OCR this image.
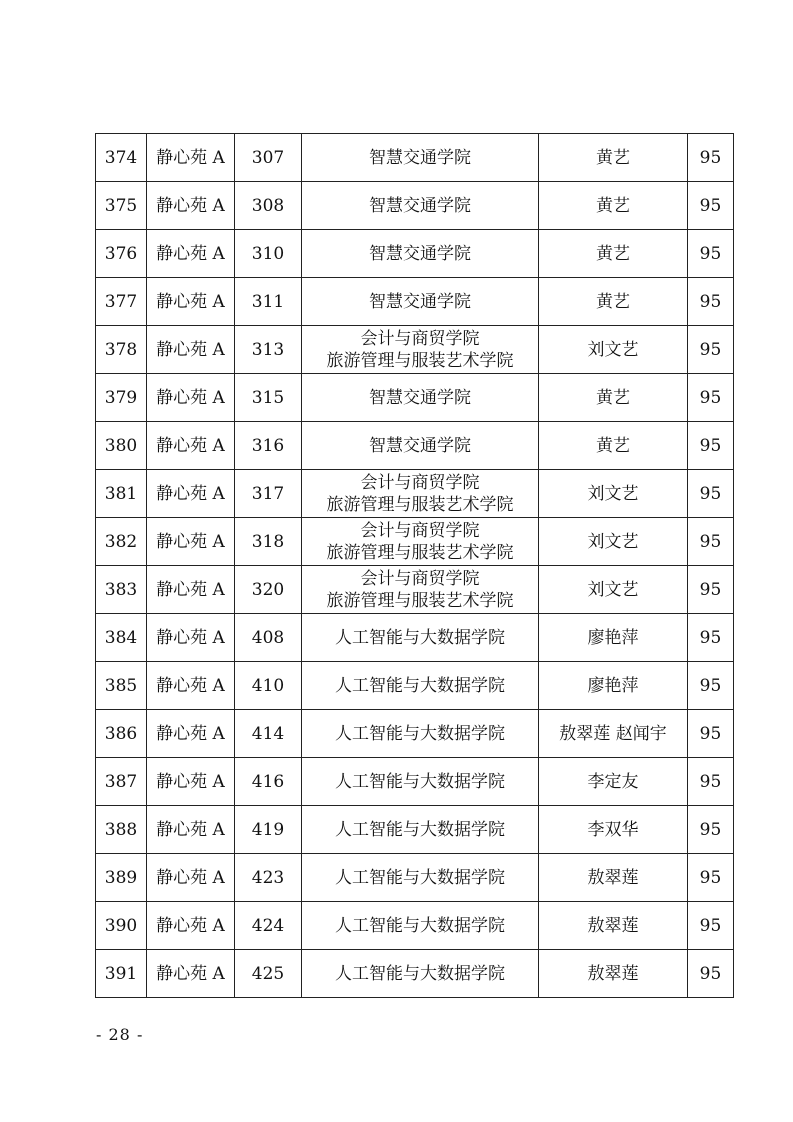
374	静心苑 A	307	智慧交通学院	黄艺	95
375	静心苑 A	308	智慧交通学院	黄艺	95
376	静心苑 A	310	智慧交通学院	黄艺	95
377	静心苑 A	311	智慧交通学院	黄艺	95
378	静心苑 A	313	会计与商贸学院
旅游管理与服装艺术学院	刘文艺	95
379	静心苑 A	315	智慧交通学院	黄艺	95
380	静心苑 A	316	智慧交通学院	黄艺	95
381	静心苑 A	317	会计与商贸学院
旅游管理与服装艺术学院	刘文艺	95
382	静心苑 A	318	会计与商贸学院
旅游管理与服装艺术学院	刘文艺	95
383	静心苑 A	320	会计与商贸学院
旅游管理与服装艺术学院	刘文艺	95
384	静心苑 A	408	人工智能与大数据学院	廖艳萍	95
385	静心苑 A	410	人工智能与大数据学院	廖艳萍	95
386	静心苑 A	414	人工智能与大数据学院	敖翠莲 赵闻宇	95
387	静心苑 A	416	人工智能与大数据学院	李定友	95
388	静心苑 A	419	人工智能与大数据学院	李双华	95
389	静心苑 A	423	人工智能与大数据学院	敖翠莲	95
390	静心苑 A	424	人工智能与大数据学院	敖翠莲	95
391	静心苑 A	425	人工智能与大数据学院	敖翠莲	95
- 28 -
